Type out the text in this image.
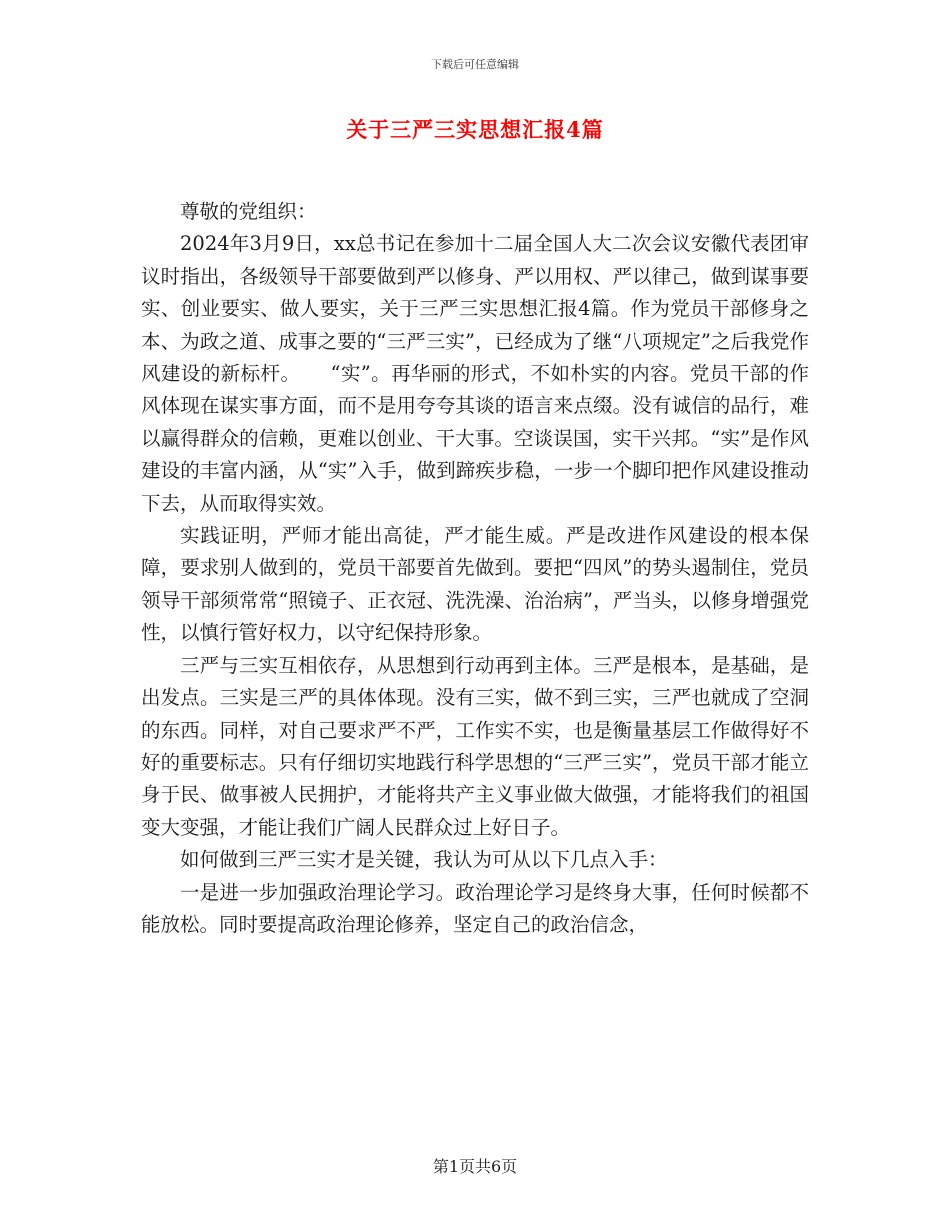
下载后可任意编辑
关于三严三实思想汇报4篇

尊敬的党组织：

2024年3月9日，xx总书记在参加十二届全国人大二次会议安徽代表团审议时指出，各级领导干部要做到严以修身、严以用权、严以律己，做到谋事要实、创业要实、做人要实，关于三严三实思想汇报4篇。作为党员干部修身之本、为政之道、成事之要的“三严三实”，已经成为了继“八项规定”之后我党作风建设的新标杆。　　“实”。再华丽的形式，不如朴实的内容。党员干部的作风体现在谋实事方面，而不是用夸夸其谈的语言来点缀。没有诚信的品行，难以赢得群众的信赖，更难以创业、干大事。空谈误国，实干兴邦。“实”是作风建设的丰富内涵，从“实”入手，做到蹄疾步稳，一步一个脚印把作风建设推动下去，从而取得实效。

实践证明，严师才能出高徒，严才能生威。严是改进作风建设的根本保障，要求别人做到的，党员干部要首先做到。要把“四风”的势头遏制住，党员领导干部须常常“照镜子、正衣冠、洗洗澡、治治病”，严当头，以修身增强党性，以慎行管好权力，以守纪保持形象。

三严与三实互相依存，从思想到行动再到主体。三严是根本，是基础，是出发点。三实是三严的具体体现。没有三实，做不到三实，三严也就成了空洞的东西。同样，对自己要求严不严，工作实不实，也是衡量基层工作做得好不好的重要标志。只有仔细切实地践行科学思想的“三严三实”，党员干部才能立身于民、做事被人民拥护，才能将共产主义事业做大做强，才能将我们的祖国变大变强，才能让我们广阔人民群众过上好日子。

如何做到三严三实才是关键，我认为可从以下几点入手：

一是进一步加强政治理论学习。政治理论学习是终身大事，任何时候都不能放松。同时要提高政治理论修养，坚定自己的政治信念，

第1页共6页
